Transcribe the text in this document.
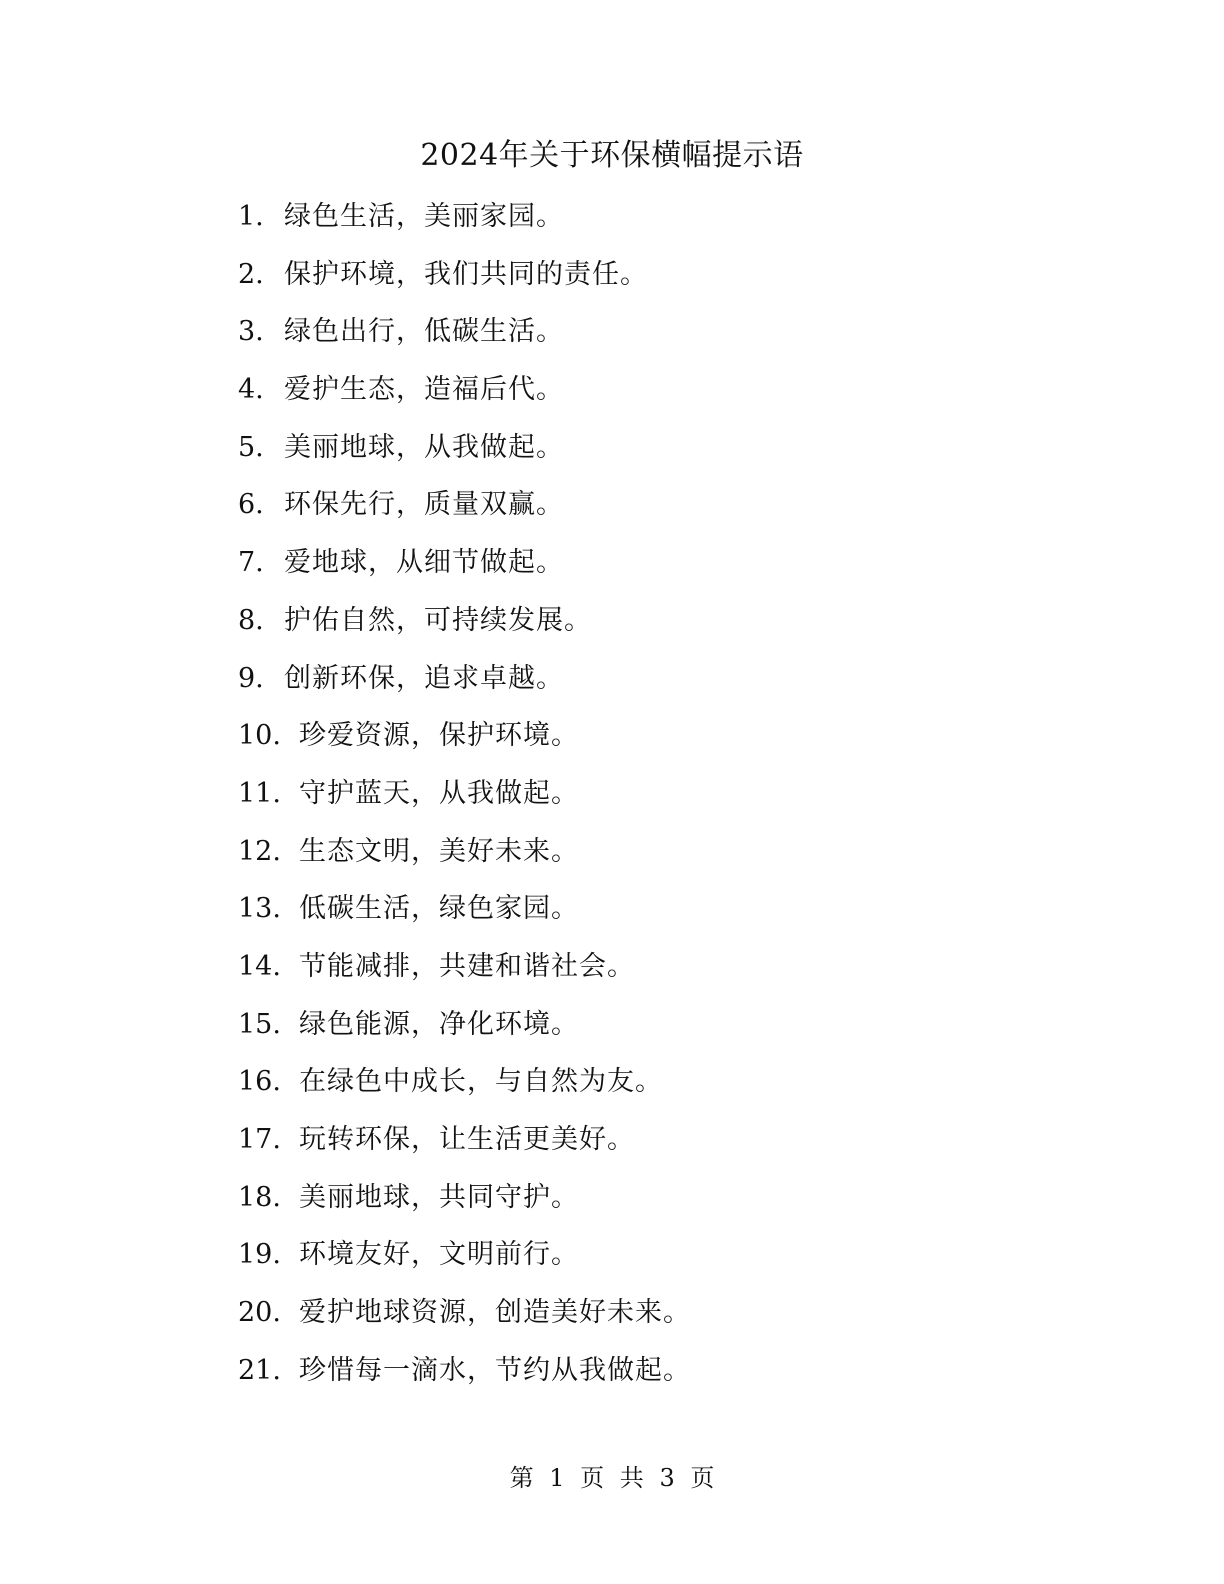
2024年关于环保横幅提示语
1. 绿色生活，美丽家园。
2. 保护环境，我们共同的责任。
3. 绿色出行，低碳生活。
4. 爱护生态，造福后代。
5. 美丽地球，从我做起。
6. 环保先行，质量双赢。
7. 爱地球，从细节做起。
8. 护佑自然，可持续发展。
9. 创新环保，追求卓越。
10. 珍爱资源，保护环境。
11. 守护蓝天，从我做起。
12. 生态文明，美好未来。
13. 低碳生活，绿色家园。
14. 节能减排，共建和谐社会。
15. 绿色能源，净化环境。
16. 在绿色中成长，与自然为友。
17. 玩转环保，让生活更美好。
18. 美丽地球，共同守护。
19. 环境友好，文明前行。
20. 爱护地球资源，创造美好未来。
21. 珍惜每一滴水，节约从我做起。
第 1 页 共 3 页
